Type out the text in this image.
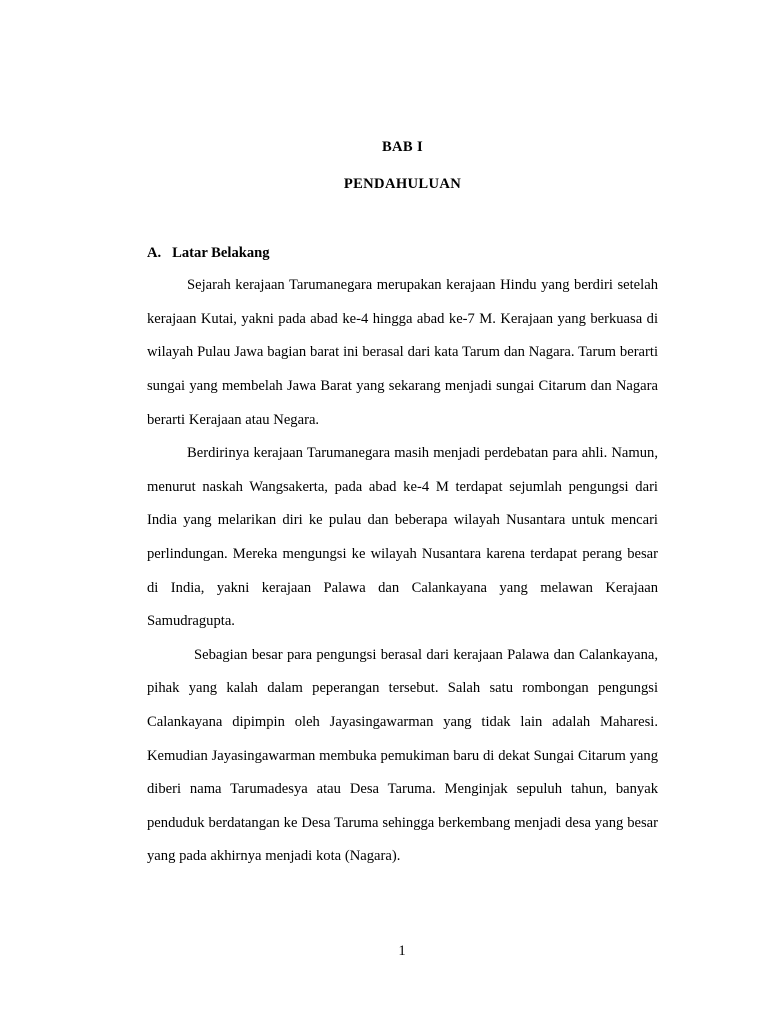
BAB I
PENDAHULUAN
A.   Latar Belakang

Sejarah kerajaan Tarumanegara merupakan kerajaan Hindu yang berdiri setelah kerajaan Kutai, yakni pada abad ke-4 hingga abad ke-7 M. Kerajaan yang berkuasa di wilayah Pulau Jawa bagian barat ini berasal dari kata Tarum dan Nagara. Tarum berarti sungai yang membelah Jawa Barat yang sekarang menjadi sungai Citarum dan Nagara berarti Kerajaan atau Negara.

Berdirinya kerajaan Tarumanegara masih menjadi perdebatan para ahli. Namun, menurut naskah Wangsakerta, pada abad ke-4 M terdapat sejumlah pengungsi dari India yang melarikan diri ke pulau dan beberapa wilayah Nusantara untuk mencari perlindungan. Mereka mengungsi ke wilayah Nusantara karena terdapat perang besar di India, yakni kerajaan Palawa dan Calankayana yang melawan Kerajaan Samudragupta.

Sebagian besar para pengungsi berasal dari kerajaan Palawa dan Calankayana, pihak yang kalah dalam peperangan tersebut. Salah satu rombongan pengungsi Calankayana dipimpin oleh Jayasingawarman yang tidak lain adalah Maharesi. Kemudian Jayasingawarman membuka pemukiman baru di dekat Sungai Citarum yang diberi nama Tarumadesya atau Desa Taruma. Menginjak sepuluh tahun, banyak penduduk berdatangan ke Desa Taruma sehingga berkembang menjadi desa yang besar yang pada akhirnya menjadi kota (Nagara).

1
